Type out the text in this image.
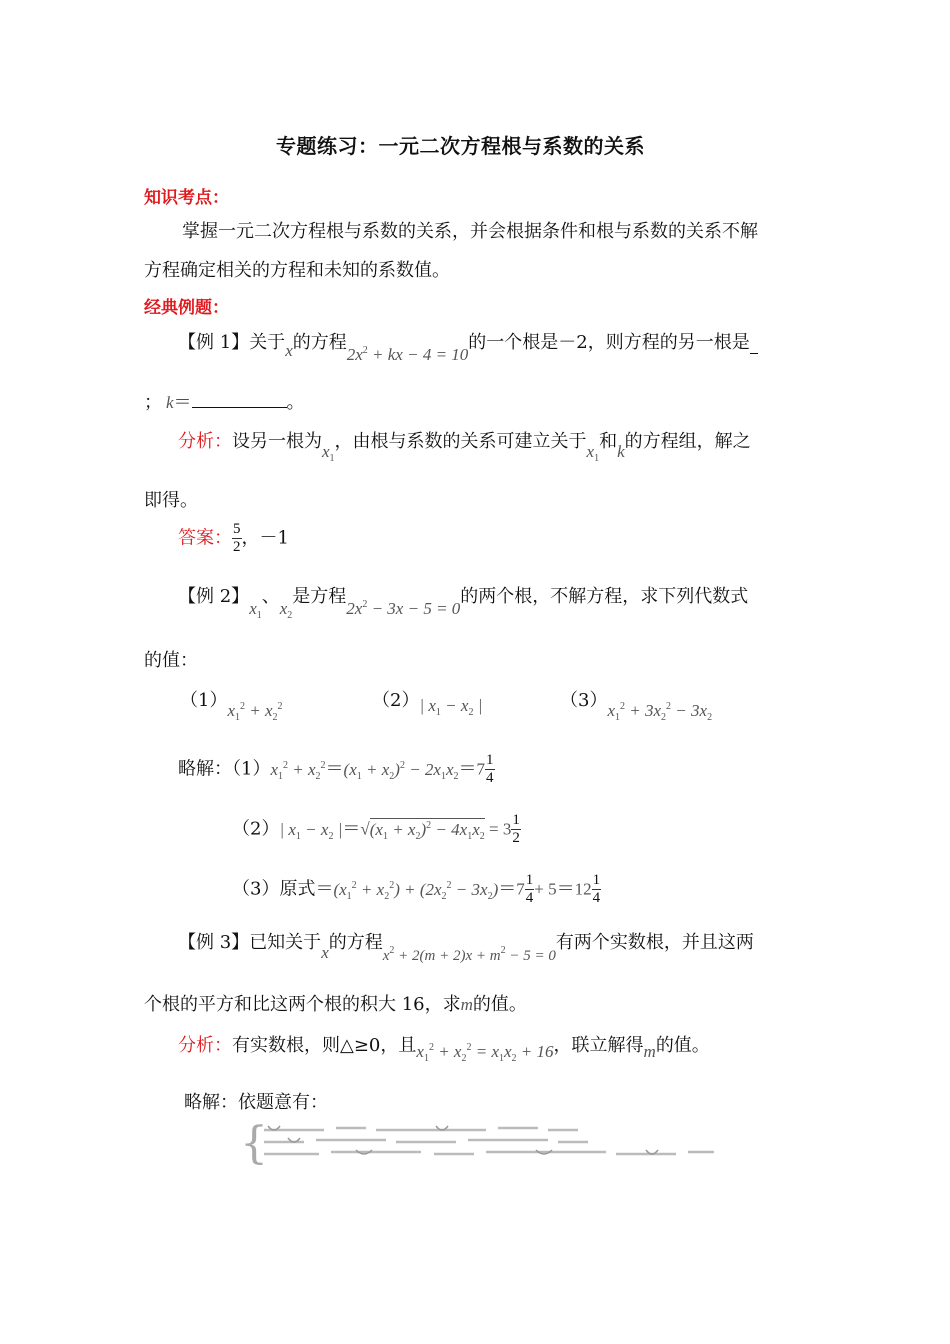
专题练习：一元二次方程根与系数的关系
知识考点：
掌握一元二次方程根与系数的关系，并会根据条件和根与系数的关系不解
方程确定相关的方程和未知的系数值。
经典例题：
【例 1】关于x的方程$2x^2$ + kx − 4 = 10的一个根是－2，则方程的另一根是
； k＝	。
分析：设另一根为$x_1$，由根与系数的关系可建立关于$x_1$和k的方程组，解之
即得。
答案： $\frac{5}{2}$ ，－1
【例 2】$x_1$、$x_2$是方程$2x^2 - 3x - 5 = 0$的两个根，不解方程，求下列代数式
的值：
$(1)x_1^2 + x_2^2$	（2）| $x_1 - x_2$ |	$(3)x_1^2 + 3x_2^2 - 3x_2$
略解：$(1)x_1^2 + x_2^2=(x_1 + x_2)^2 - 2x_1x_2=7 \frac{1}{4}$
（2）| $x_1 - x_2$ $|=√(x_1 + x_2)^2 - 4x_1x_2 = 3 \frac{1}{2}$
（3）原式$=(x_1^2 + x_2^2) + (2x_2^2 - 3x_2)=7 \frac{1}{4} + 5=12 \frac{1}{4}$
【例 3】已知关于x的方程$_{x^2 + 2(m + 2)x + m^2 - 5 = 0}$有两个实数根，并且这两
个根的平方和比这两个根的积大 16，求m的值。
分析：有实数根，则△≥0，且$x_1^2 + x_2^2 = x_1x_2 + 16$，联立解得m的值。
略解：依题意有：
{
